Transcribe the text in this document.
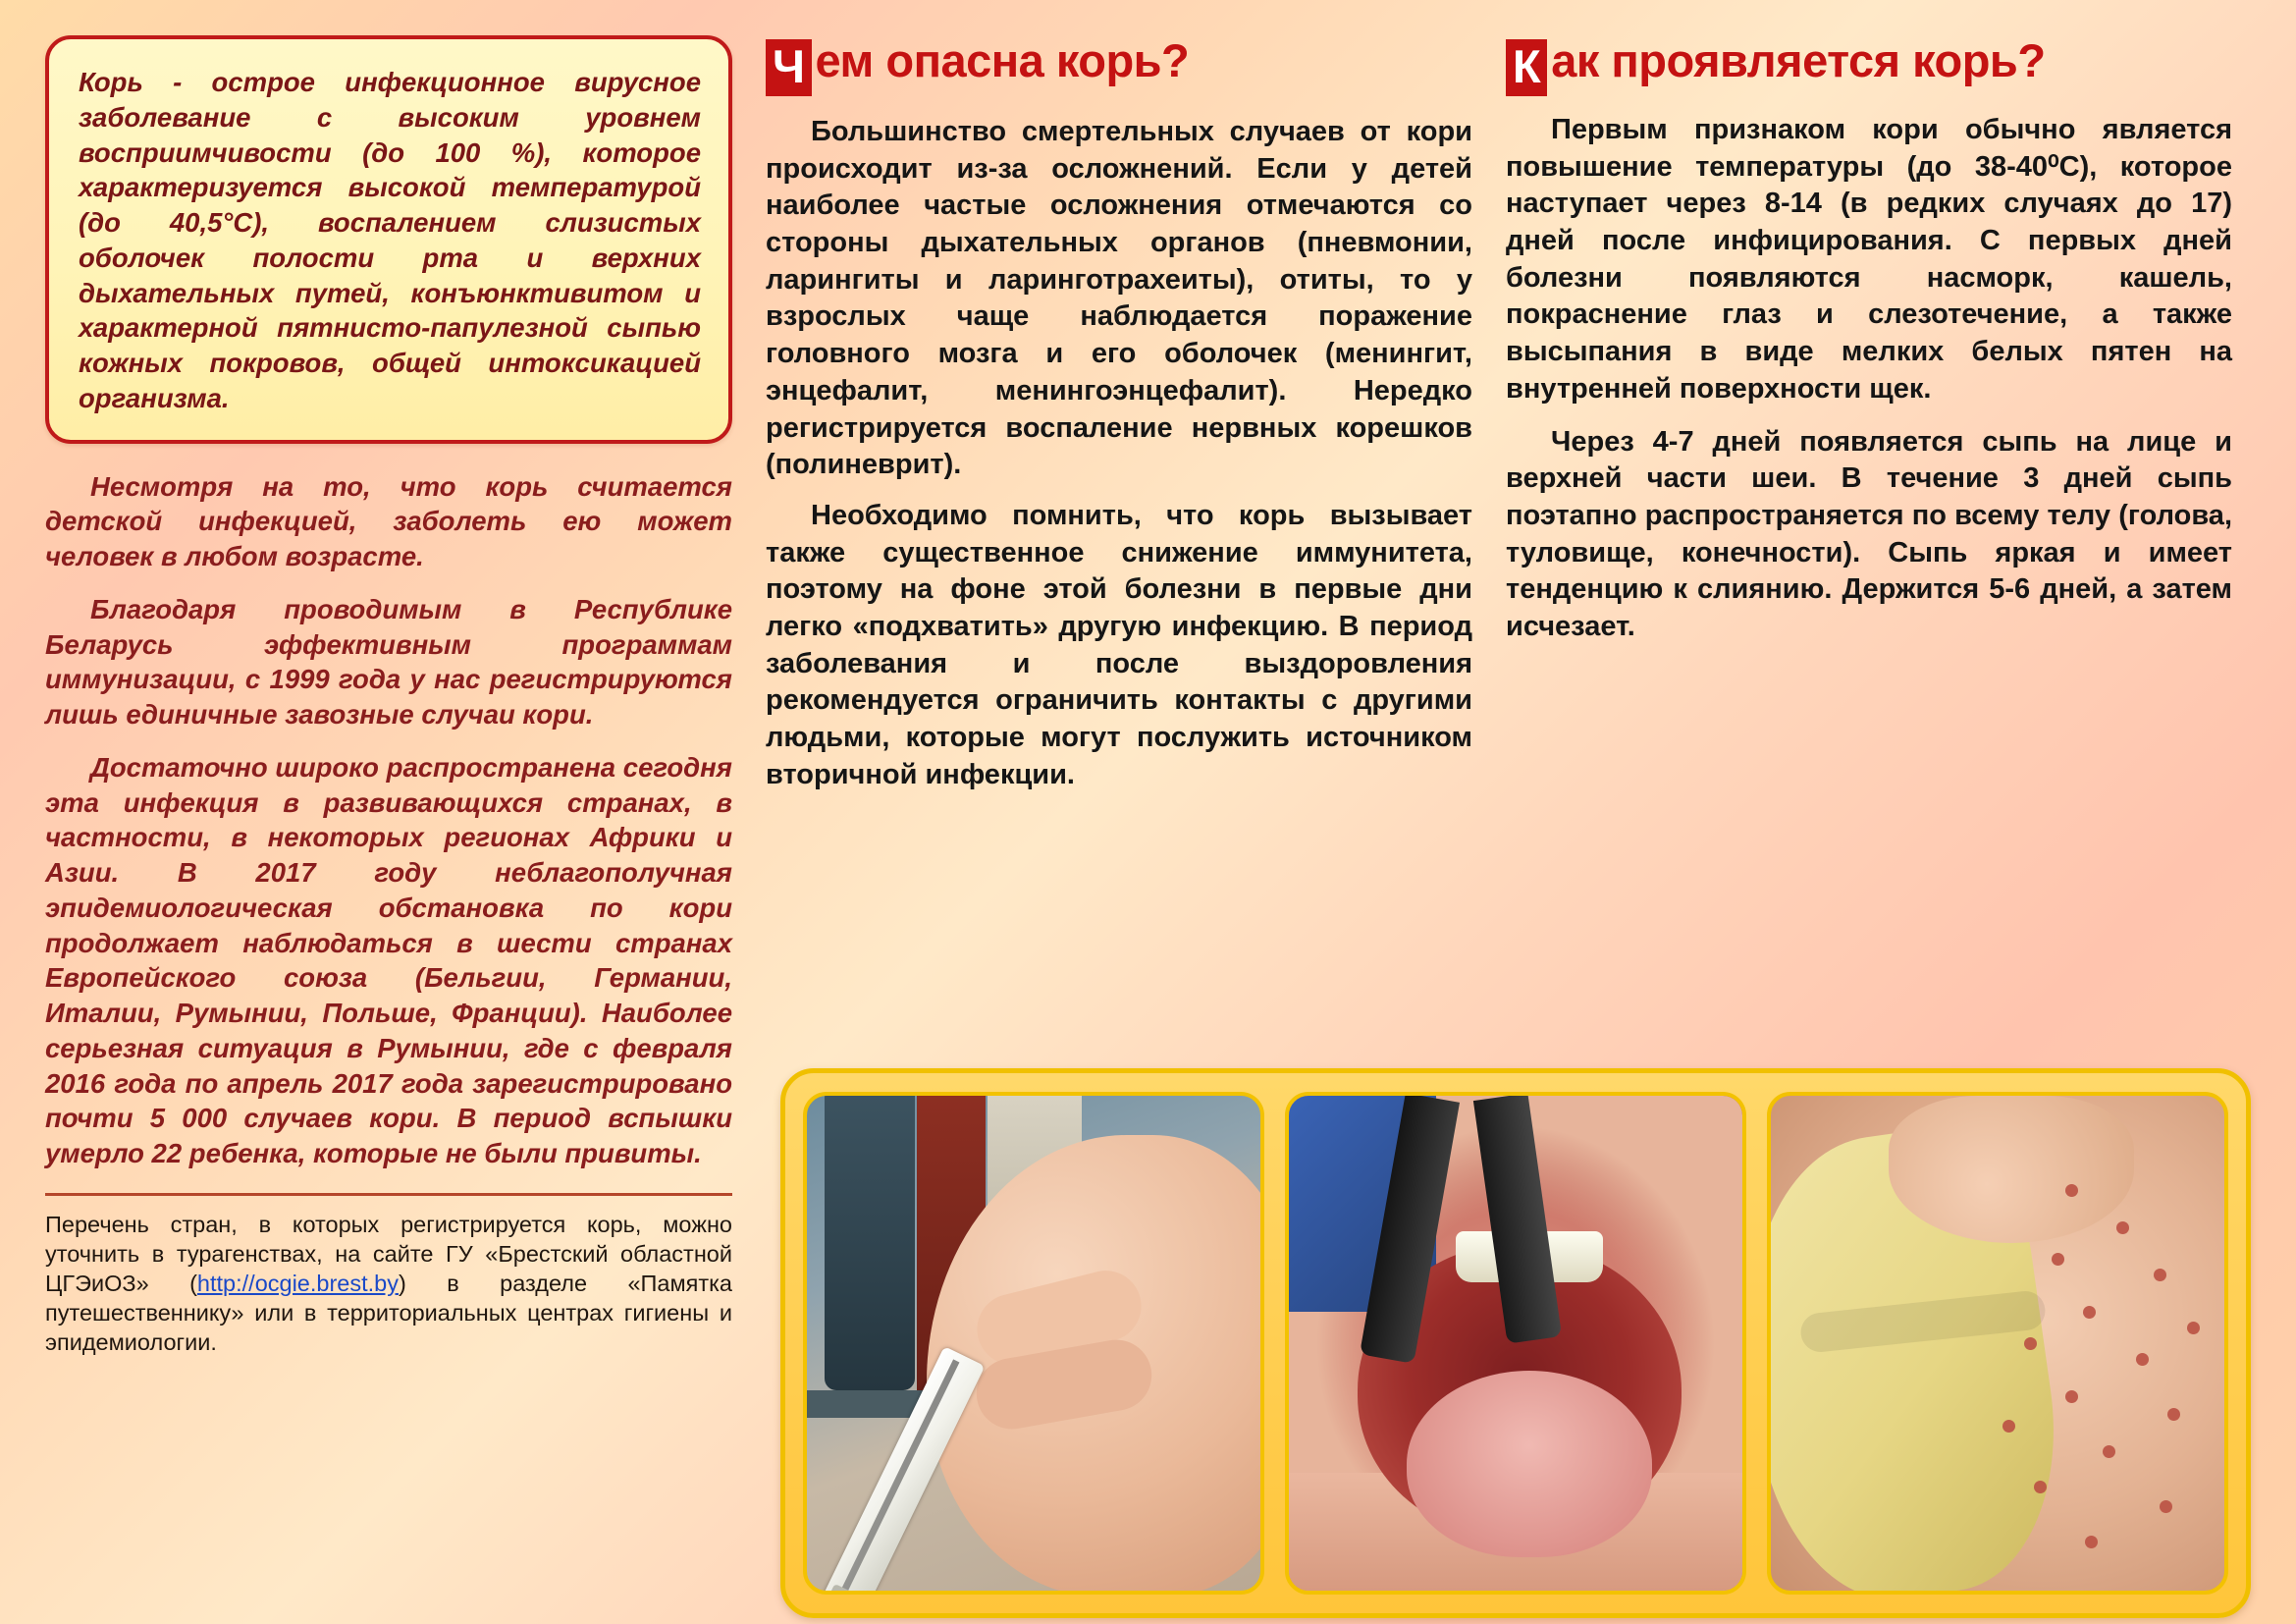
Корь - острое инфекционное вирусное заболевание с высоким уровнем восприимчивости (до 100 %), которое характеризуется высокой температурой (до 40,5°С), воспалением слизистых оболочек полости рта и верхних дыхательных путей, конъюнктивитом и характерной пятнисто-папулезной сыпью кожных покровов, общей интоксикацией организма.

Несмотря на то, что корь считается детской инфекцией, заболеть ею может человек в любом возрасте.

Благодаря проводимым в Республике Беларусь эффективным программам иммунизации, с 1999 года у нас регистрируются лишь единичные завозные случаи кори.

Достаточно широко распространена сегодня эта инфекция в развивающихся странах, в частности, в некоторых регионах Африки и Азии. В 2017 году неблагополучная эпидемиологическая обстановка по кори продолжает наблюдаться в шести странах Европейского союза (Бельгии, Германии, Италии, Румынии, Польше, Франции). Наиболее серьезная ситуация в Румынии, где с февраля 2016 года по апрель 2017 года зарегистрировано почти 5 000 случаев кори. В период вспышки умерло 22 ребенка, которые не были привиты.

Перечень стран, в которых регистрируется корь, можно уточнить в турагенствах, на сайте ГУ «Брестский областной ЦГЭиОЗ» (http://ocgie.brest.by) в разделе «Памятка путешественнику» или в территориальных центрах гигиены и эпидемиологии.

Ч ем опасна корь?

Большинство смертельных случаев от кори происходит из-за осложнений. Если у детей наиболее частые осложнения отмечаются со стороны дыхательных органов (пневмонии, ларингиты и ларинготрахеиты), отиты, то у взрослых чаще наблюдается поражение головного мозга и его оболочек (менингит, энцефалит, менингоэнцефалит). Нередко регистрируется воспаление нервных корешков (полиневрит).

Необходимо помнить, что корь вызывает также существенное снижение иммунитета, поэтому на фоне этой болезни в первые дни легко «подхватить» другую инфекцию. В период заболевания и после выздоровления рекомендуется ограничить контакты с другими людьми, которые могут послужить источником вторичной инфекции.

К ак проявляется корь?

Первым признаком кори обычно является повышение температуры (до 38-40⁰С), которое наступает через 8-14 (в редких случаях до 17) дней после инфицирования. С первых дней болезни появляются насморк, кашель, покраснение глаз и слезотечение, а также высыпания в виде мелких белых пятен на внутренней поверхности щек.

Через 4-7 дней появляется сыпь на лице и верхней части шеи. В течение 3 дней сыпь поэтапно распространяется по всему телу (голова, туловище, конечности). Сыпь яркая и имеет тенденцию к слиянию. Держится 5-6 дней, а затем исчезает.
